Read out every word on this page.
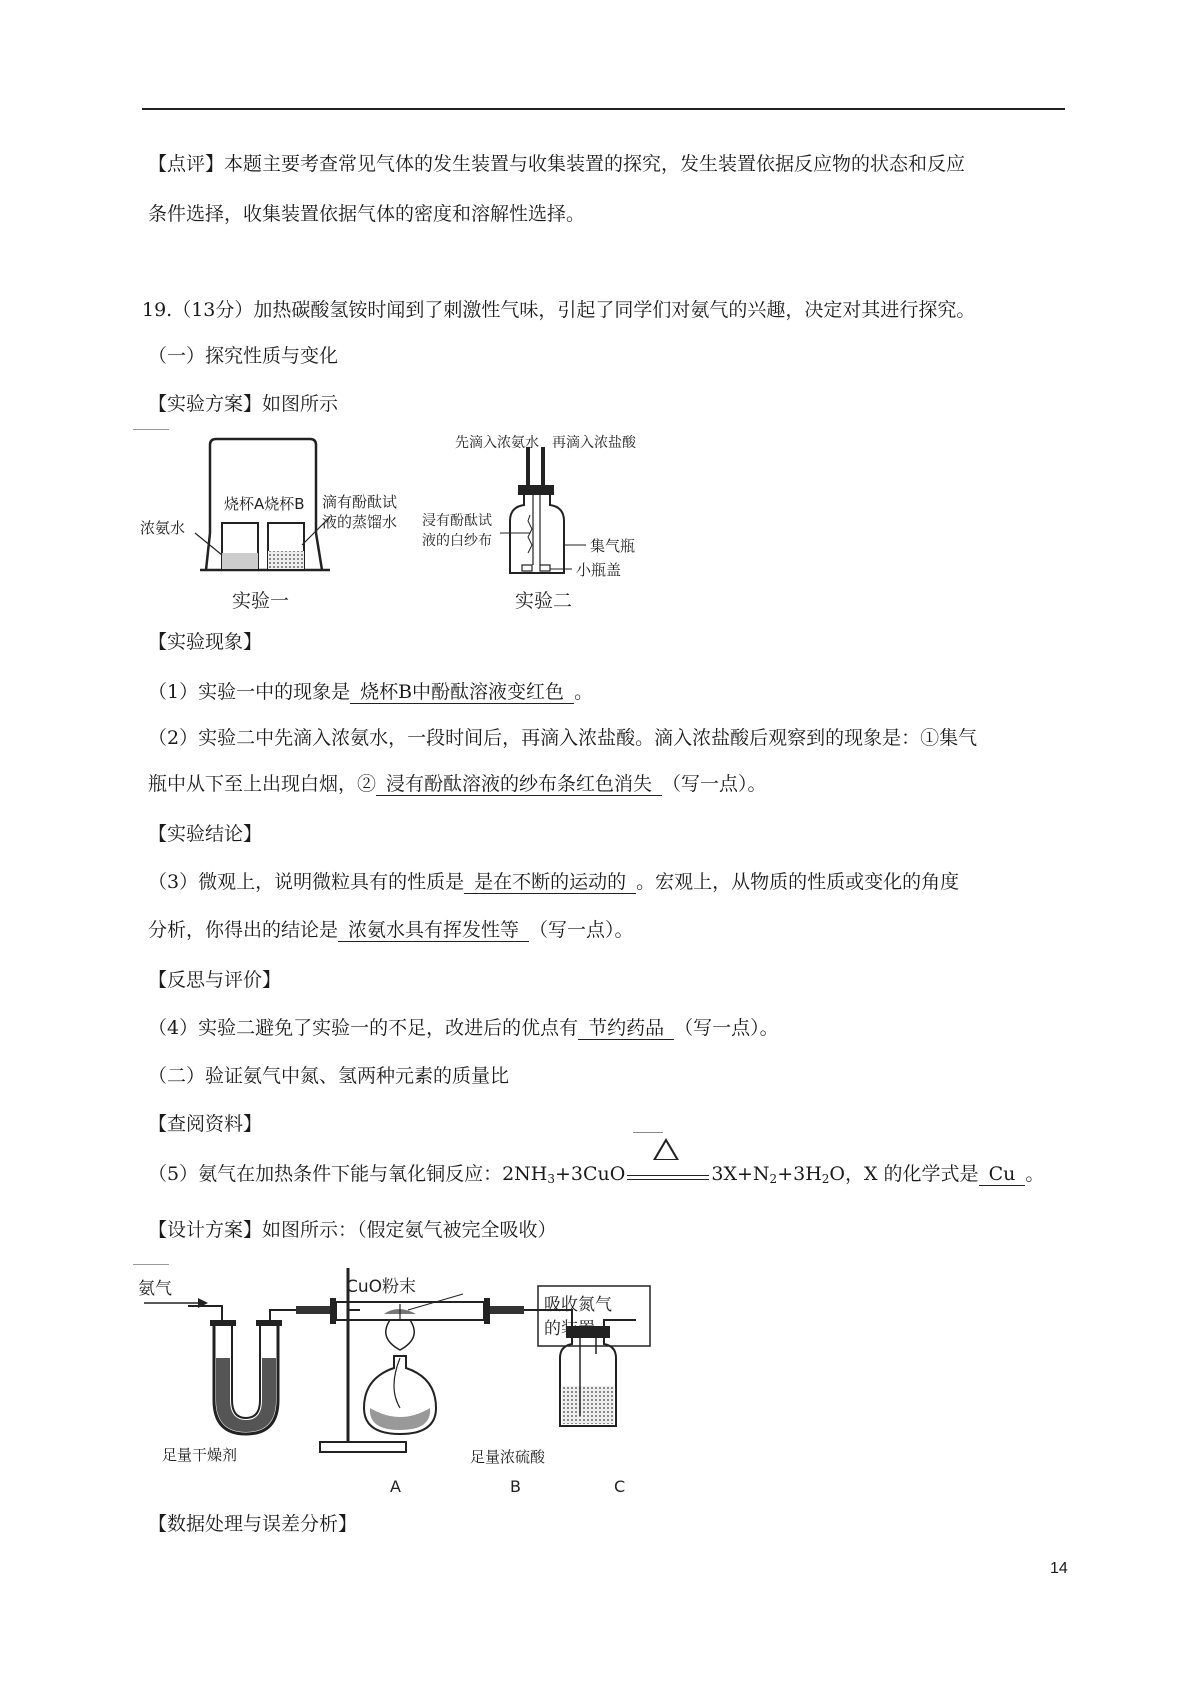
【点评】本题主要考查常见气体的发生装置与收集装置的探究，发生装置依据反应物的状态和反应
条件选择，收集装置依据气体的密度和溶解性选择。
19.（13分）加热碳酸氢铵时闻到了刺激性气味，引起了同学们对氨气的兴趣，决定对其进行探究。
（一）探究性质与变化
【实验方案】如图所示
浓氨水
烧杯A烧杯B 滴有酚酞试
液的蒸馏水
实验一
先滴入浓氨水 再滴入浓盐酸
浸有酚酞试
液的白纱布	集气瓶
小瓶盖
实验二
【实验现象】
（1）实验一中的现象是 烧杯B中酚酞溶液变红色 。
（2）实验二中先滴入浓氨水，一段时间后，再滴入浓盐酸。滴入浓盐酸后观察到的现象是：①集气
瓶中从下至上出现白烟，② 浸有酚酞溶液的纱布条红色消失 （写一点）。
【实验结论】
（3）微观上，说明微粒具有的性质是 是在不断的运动的 。宏观上，从物质的性质或变化的角度
分析，你得出的结论是 浓氨水具有挥发性等 （写一点）。
【反思与评价】
（4）实验二避免了实验一的不足，改进后的优点有 节约药品 （写一点）。
（二）验证氨气中氮、氢两种元素的质量比
【查阅资料】
（5）氨气在加热条件下能与氧化铜反应：$2NH_3+3CuO$	$3X+N_2+3H_2O$，X 的化学式是 Cu 。
【设计方案】如图所示：（假定氨气被完全吸收）
氨气	CuO粉末
吸收氮气
的装置
足量干燥剂	足量浓硫酸
A	B	C
【数据处理与误差分析】
14
